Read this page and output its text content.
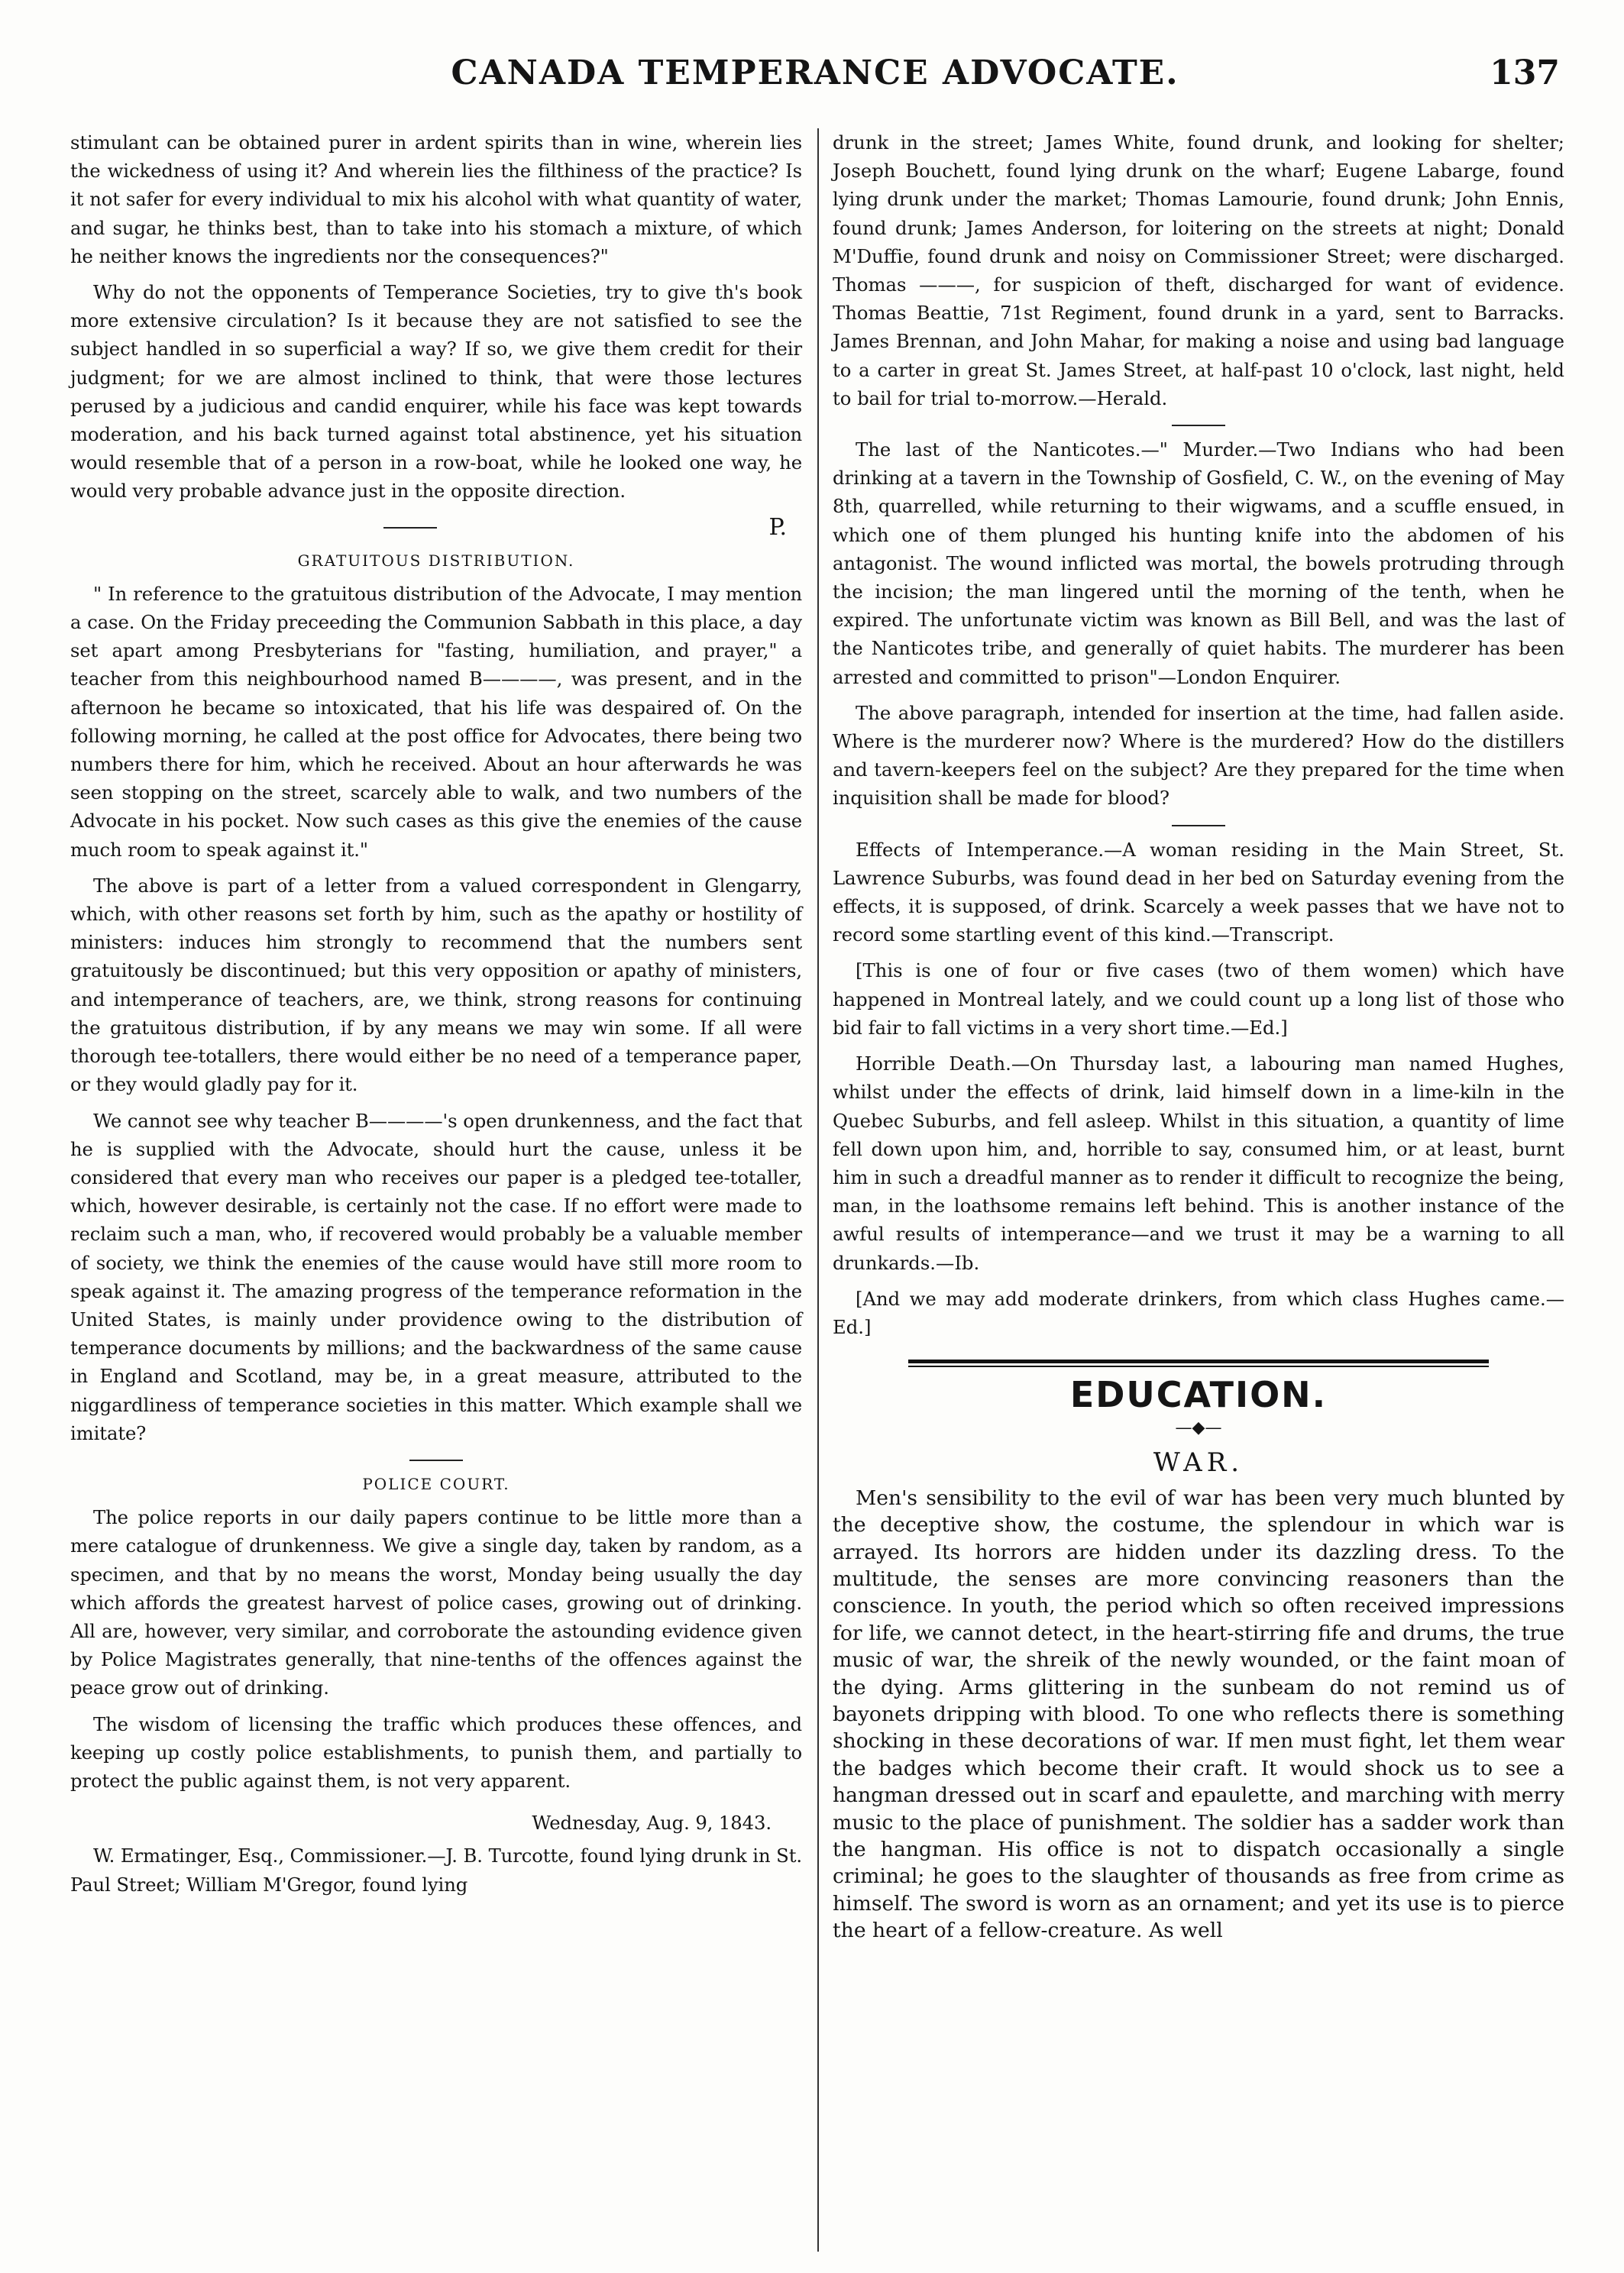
CANADA TEMPERANCE ADVOCATE.	137

stimulant can be obtained purer in ardent spirits than in wine, wherein lies the wickedness of using it? And wherein lies the filthiness of the practice? Is it not safer for every individual to mix his alcohol with what quantity of water, and sugar, he thinks best, than to take into his stomach a mixture, of which he neither knows the ingredients nor the consequences?"

Why do not the opponents of Temperance Societies, try to give th's book more extensive circulation? Is it because they are not satisfied to see the subject handled in so superficial a way? If so, we give them credit for their judgment; for we are almost inclined to think, that were those lectures perused by a judicious and candid enquirer, while his face was kept towards moderation, and his back turned against total abstinence, yet his situation would resemble that of a person in a row-boat, while he looked one way, he would very probable advance just in the opposite direction.

P.
GRATUITOUS DISTRIBUTION.

" In reference to the gratuitous distribution of the Advocate, I may mention a case. On the Friday preceeding the Communion Sabbath in this place, a day set apart among Presbyterians for "fasting, humiliation, and prayer," a teacher from this neighbourhood named B————, was present, and in the afternoon he became so intoxicated, that his life was despaired of. On the following morning, he called at the post office for Advocates, there being two numbers there for him, which he received. About an hour afterwards he was seen stopping on the street, scarcely able to walk, and two numbers of the Advocate in his pocket. Now such cases as this give the enemies of the cause much room to speak against it."

The above is part of a letter from a valued correspondent in Glengarry, which, with other reasons set forth by him, such as the apathy or hostility of ministers: induces him strongly to recommend that the numbers sent gratuitously be discontinued; but this very opposition or apathy of ministers, and intemperance of teachers, are, we think, strong reasons for continuing the gratuitous distribution, if by any means we may win some. If all were thorough tee-totallers, there would either be no need of a temperance paper, or they would gladly pay for it.

We cannot see why teacher B————'s open drunkenness, and the fact that he is supplied with the Advocate, should hurt the cause, unless it be considered that every man who receives our paper is a pledged tee-totaller, which, however desirable, is certainly not the case. If no effort were made to reclaim such a man, who, if recovered would probably be a valuable member of society, we think the enemies of the cause would have still more room to speak against it. The amazing progress of the temperance reformation in the United States, is mainly under providence owing to the distribution of temperance documents by millions; and the backwardness of the same cause in England and Scotland, may be, in a great measure, attributed to the niggardliness of temperance societies in this matter. Which example shall we imitate?

POLICE COURT.

The police reports in our daily papers continue to be little more than a mere catalogue of drunkenness. We give a single day, taken by random, as a specimen, and that by no means the worst, Monday being usually the day which affords the greatest harvest of police cases, growing out of drinking. All are, however, very similar, and corroborate the astounding evidence given by Police Magistrates generally, that nine-tenths of the offences against the peace grow out of drinking.

The wisdom of licensing the traffic which produces these offences, and keeping up costly police establishments, to punish them, and partially to protect the public against them, is not very apparent.

Wednesday, Aug. 9, 1843.

W. Ermatinger, Esq., Commissioner.—J. B. Turcotte, found lying drunk in St. Paul Street; William M'Gregor, found lying

drunk in the street; James White, found drunk, and looking for shelter; Joseph Bouchett, found lying drunk on the wharf; Eugene Labarge, found lying drunk under the market; Thomas Lamourie, found drunk; John Ennis, found drunk; James Anderson, for loitering on the streets at night; Donald M'Duffie, found drunk and noisy on Commissioner Street; were discharged. Thomas ———, for suspicion of theft, discharged for want of evidence. Thomas Beattie, 71st Regiment, found drunk in a yard, sent to Barracks. James Brennan, and John Mahar, for making a noise and using bad language to a carter in great St. James Street, at half-past 10 o'clock, last night, held to bail for trial to-morrow.—Herald.

The last of the Nanticotes.—" Murder.—Two Indians who had been drinking at a tavern in the Township of Gosfield, C. W., on the evening of May 8th, quarrelled, while returning to their wigwams, and a scuffle ensued, in which one of them plunged his hunting knife into the abdomen of his antagonist. The wound inflicted was mortal, the bowels protruding through the incision; the man lingered until the morning of the tenth, when he expired. The unfortunate victim was known as Bill Bell, and was the last of the Nanticotes tribe, and generally of quiet habits. The murderer has been arrested and committed to prison"—London Enquirer.

The above paragraph, intended for insertion at the time, had fallen aside. Where is the murderer now? Where is the murdered? How do the distillers and tavern-keepers feel on the subject? Are they prepared for the time when inquisition shall be made for blood?

Effects of Intemperance.—A woman residing in the Main Street, St. Lawrence Suburbs, was found dead in her bed on Saturday evening from the effects, it is supposed, of drink. Scarcely a week passes that we have not to record some startling event of this kind.—Transcript.

[This is one of four or five cases (two of them women) which have happened in Montreal lately, and we could count up a long list of those who bid fair to fall victims in a very short time.—Ed.]

Horrible Death.—On Thursday last, a labouring man named Hughes, whilst under the effects of drink, laid himself down in a lime-kiln in the Quebec Suburbs, and fell asleep. Whilst in this situation, a quantity of lime fell down upon him, and, horrible to say, consumed him, or at least, burnt him in such a dreadful manner as to render it difficult to recognize the being, man, in the loathsome remains left behind. This is another instance of the awful results of intemperance—and we trust it may be a warning to all drunkards.—Ib.

[And we may add moderate drinkers, from which class Hughes came.—Ed.]

EDUCATION.
—◆—
WAR.

Men's sensibility to the evil of war has been very much blunted by the deceptive show, the costume, the splendour in which war is arrayed. Its horrors are hidden under its dazzling dress. To the multitude, the senses are more convincing reasoners than the conscience. In youth, the period which so often received impressions for life, we cannot detect, in the heart-stirring fife and drums, the true music of war, the shreik of the newly wounded, or the faint moan of the dying. Arms glittering in the sunbeam do not remind us of bayonets dripping with blood. To one who reflects there is something shocking in these decorations of war. If men must fight, let them wear the badges which become their craft. It would shock us to see a hangman dressed out in scarf and epaulette, and marching with merry music to the place of punishment. The soldier has a sadder work than the hangman. His office is not to dispatch occasionally a single criminal; he goes to the slaughter of thousands as free from crime as himself. The sword is worn as an ornament; and yet its use is to pierce the heart of a fellow-creature. As well
